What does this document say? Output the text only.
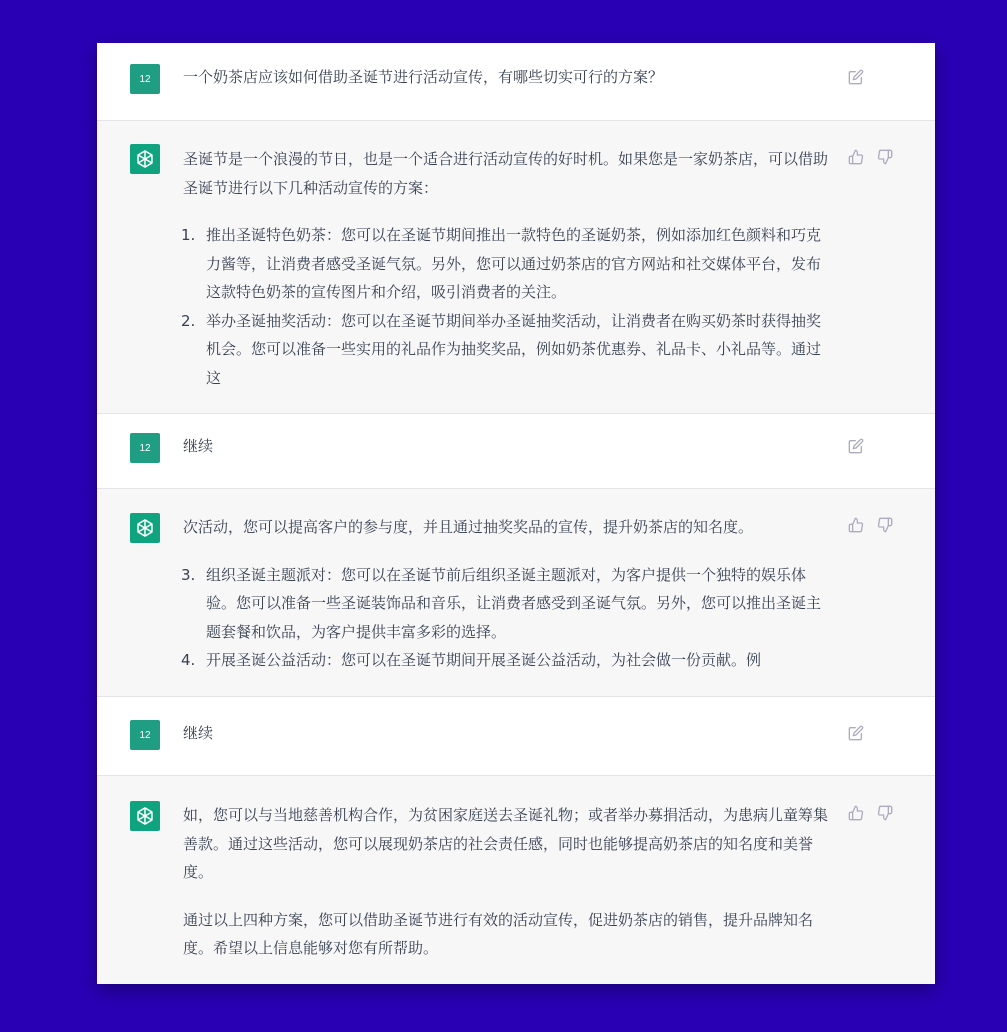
12 一个奶茶店应该如何借助圣诞节进行活动宣传，有哪些切实可行的方案？

圣诞节是一个浪漫的节日，也是一个适合进行活动宣传的好时机。如果您是一家奶茶店，可以借助圣诞节进行以下几种活动宣传的方案：

1. 推出圣诞特色奶茶：您可以在圣诞节期间推出一款特色的圣诞奶茶，例如添加红色颜料和巧克力酱等，让消费者感受圣诞气氛。另外，您可以通过奶茶店的官方网站和社交媒体平台，发布这款特色奶茶的宣传图片和介绍，吸引消费者的关注。
2. 举办圣诞抽奖活动：您可以在圣诞节期间举办圣诞抽奖活动，让消费者在购买奶茶时获得抽奖机会。您可以准备一些实用的礼品作为抽奖奖品，例如奶茶优惠券、礼品卡、小礼品等。通过这
12 继续

次活动，您可以提高客户的参与度，并且通过抽奖奖品的宣传，提升奶茶店的知名度。

3. 组织圣诞主题派对：您可以在圣诞节前后组织圣诞主题派对，为客户提供一个独特的娱乐体验。您可以准备一些圣诞装饰品和音乐，让消费者感受到圣诞气氛。另外，您可以推出圣诞主题套餐和饮品，为客户提供丰富多彩的选择。
4. 开展圣诞公益活动：您可以在圣诞节期间开展圣诞公益活动，为社会做一份贡献。例
12 继续

如，您可以与当地慈善机构合作，为贫困家庭送去圣诞礼物；或者举办募捐活动，为患病儿童筹集善款。通过这些活动，您可以展现奶茶店的社会责任感，同时也能够提高奶茶店的知名度和美誉度。

通过以上四种方案，您可以借助圣诞节进行有效的活动宣传，促进奶茶店的销售，提升品牌知名度。希望以上信息能够对您有所帮助。
